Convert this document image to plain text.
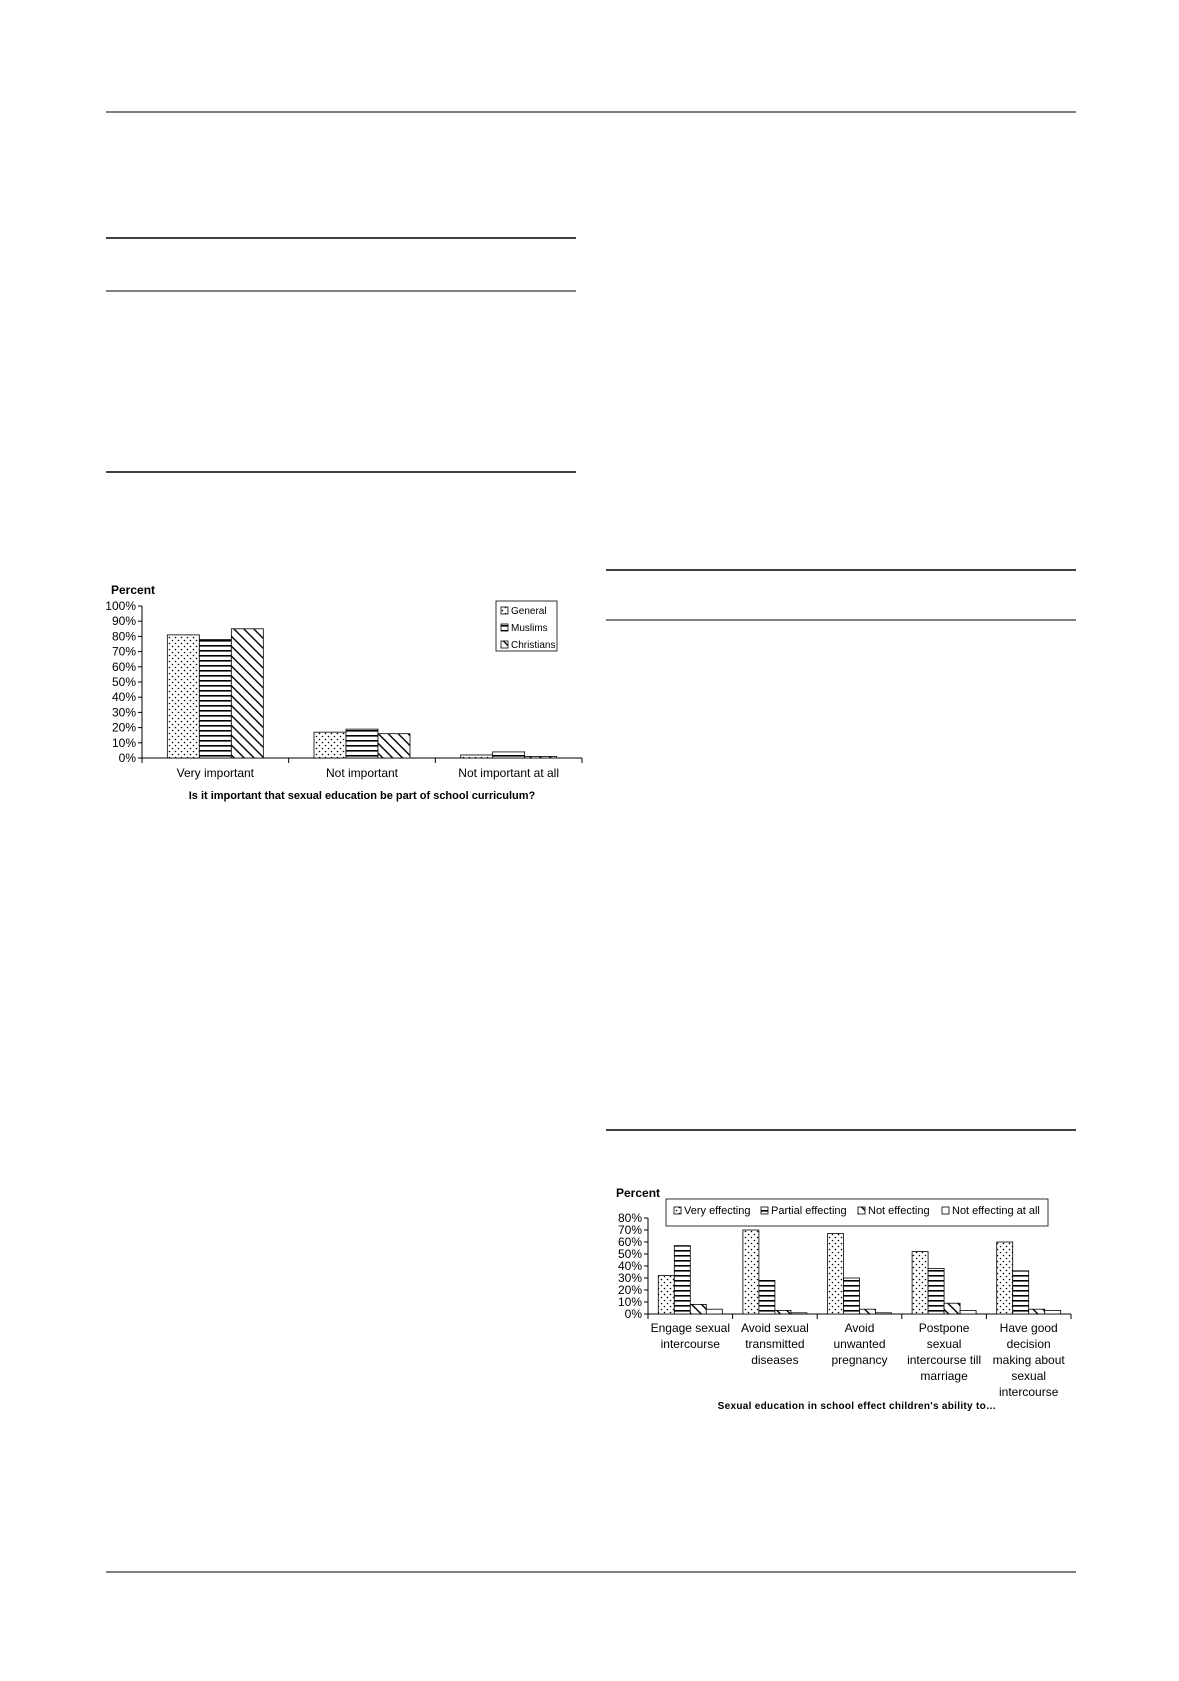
0%
10%
20%
30%
40%
50%
60%
70%
80%
90%
100%
Very important	Not important	Not important at all
General
Muslims
Christians
Percent
Is it important that sexual education be part of school curriculum?
0%
10%
20%
30%
40%
50%
60%
70%
80%
Engage sexual intercourse
Avoid sexual transmitted diseases
Avoid unwanted pregnancy
Postpone sexual intercourse till marriage
Have good decision making about sexual intercourse
Very effecting Partial effecting Not effecting Not effecting at all
Percent
Sexual education in school effect children's ability to…
